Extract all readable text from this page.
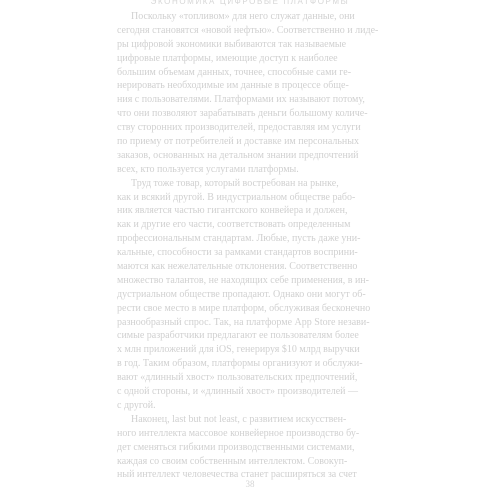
ЭКОНОМИКА ЦИФРОВЫЕ ПЛАТФОРМЫ
Поскольку «топливом» для него служат данные, они
сегодня становятся «новой нефтью». Соответственно и лиде-
ры цифровой экономики выбиваются так называемые
цифровые платформы, имеющие доступ к наиболее
большим объемам данных, точнее, способные сами ге-
нерировать необходимые им данные в процессе обще-
ния с пользователями. Платформами их называют потому,
что они позволяют зарабатывать деньги большому количе-
ству сторонних производителей, предоставляя им услуги
по приему от потребителей и доставке им персональных
заказов, основанных на детальном знании предпочтений
всех, кто пользуется услугами платформы.
Труд тоже товар, который востребован на рынке,
как и всякий другой. В индустриальном обществе рабо-
ник является частью гигантского конвейера и должен,
как и другие его части, соответствовать определенным
профессиональным стандартам. Любые, пусть даже уни-
кальные, способности за рамками стандартов восприни-
маются как нежелательные отклонения. Соответственно
множество талантов, не находящих себе применения, в ин-
дустриальном обществе пропадают. Однако они могут об-
рести свое место в мире платформ, обслуживая бесконечно
разнообразный спрос. Так, на платформе App Store незави-
симые разработчики предлагают ее пользователям более
х млн приложений для iOS, генерируя $10 млрд выручки
в год. Таким образом, платформы организуют и обслужи-
вают «длинный хвост» пользовательских предпочтений,
с одной стороны, и «длинный хвост» производителей —
с другой.
Наконец, last but not least, с развитием искусствен-
ного интеллекта массовое конвейерное производство бу-
дет сменяться гибкими производственными системами,
каждая со своим собственным интеллектом. Совокуп-
ный интеллект человечества станет расширяться за счет
38
